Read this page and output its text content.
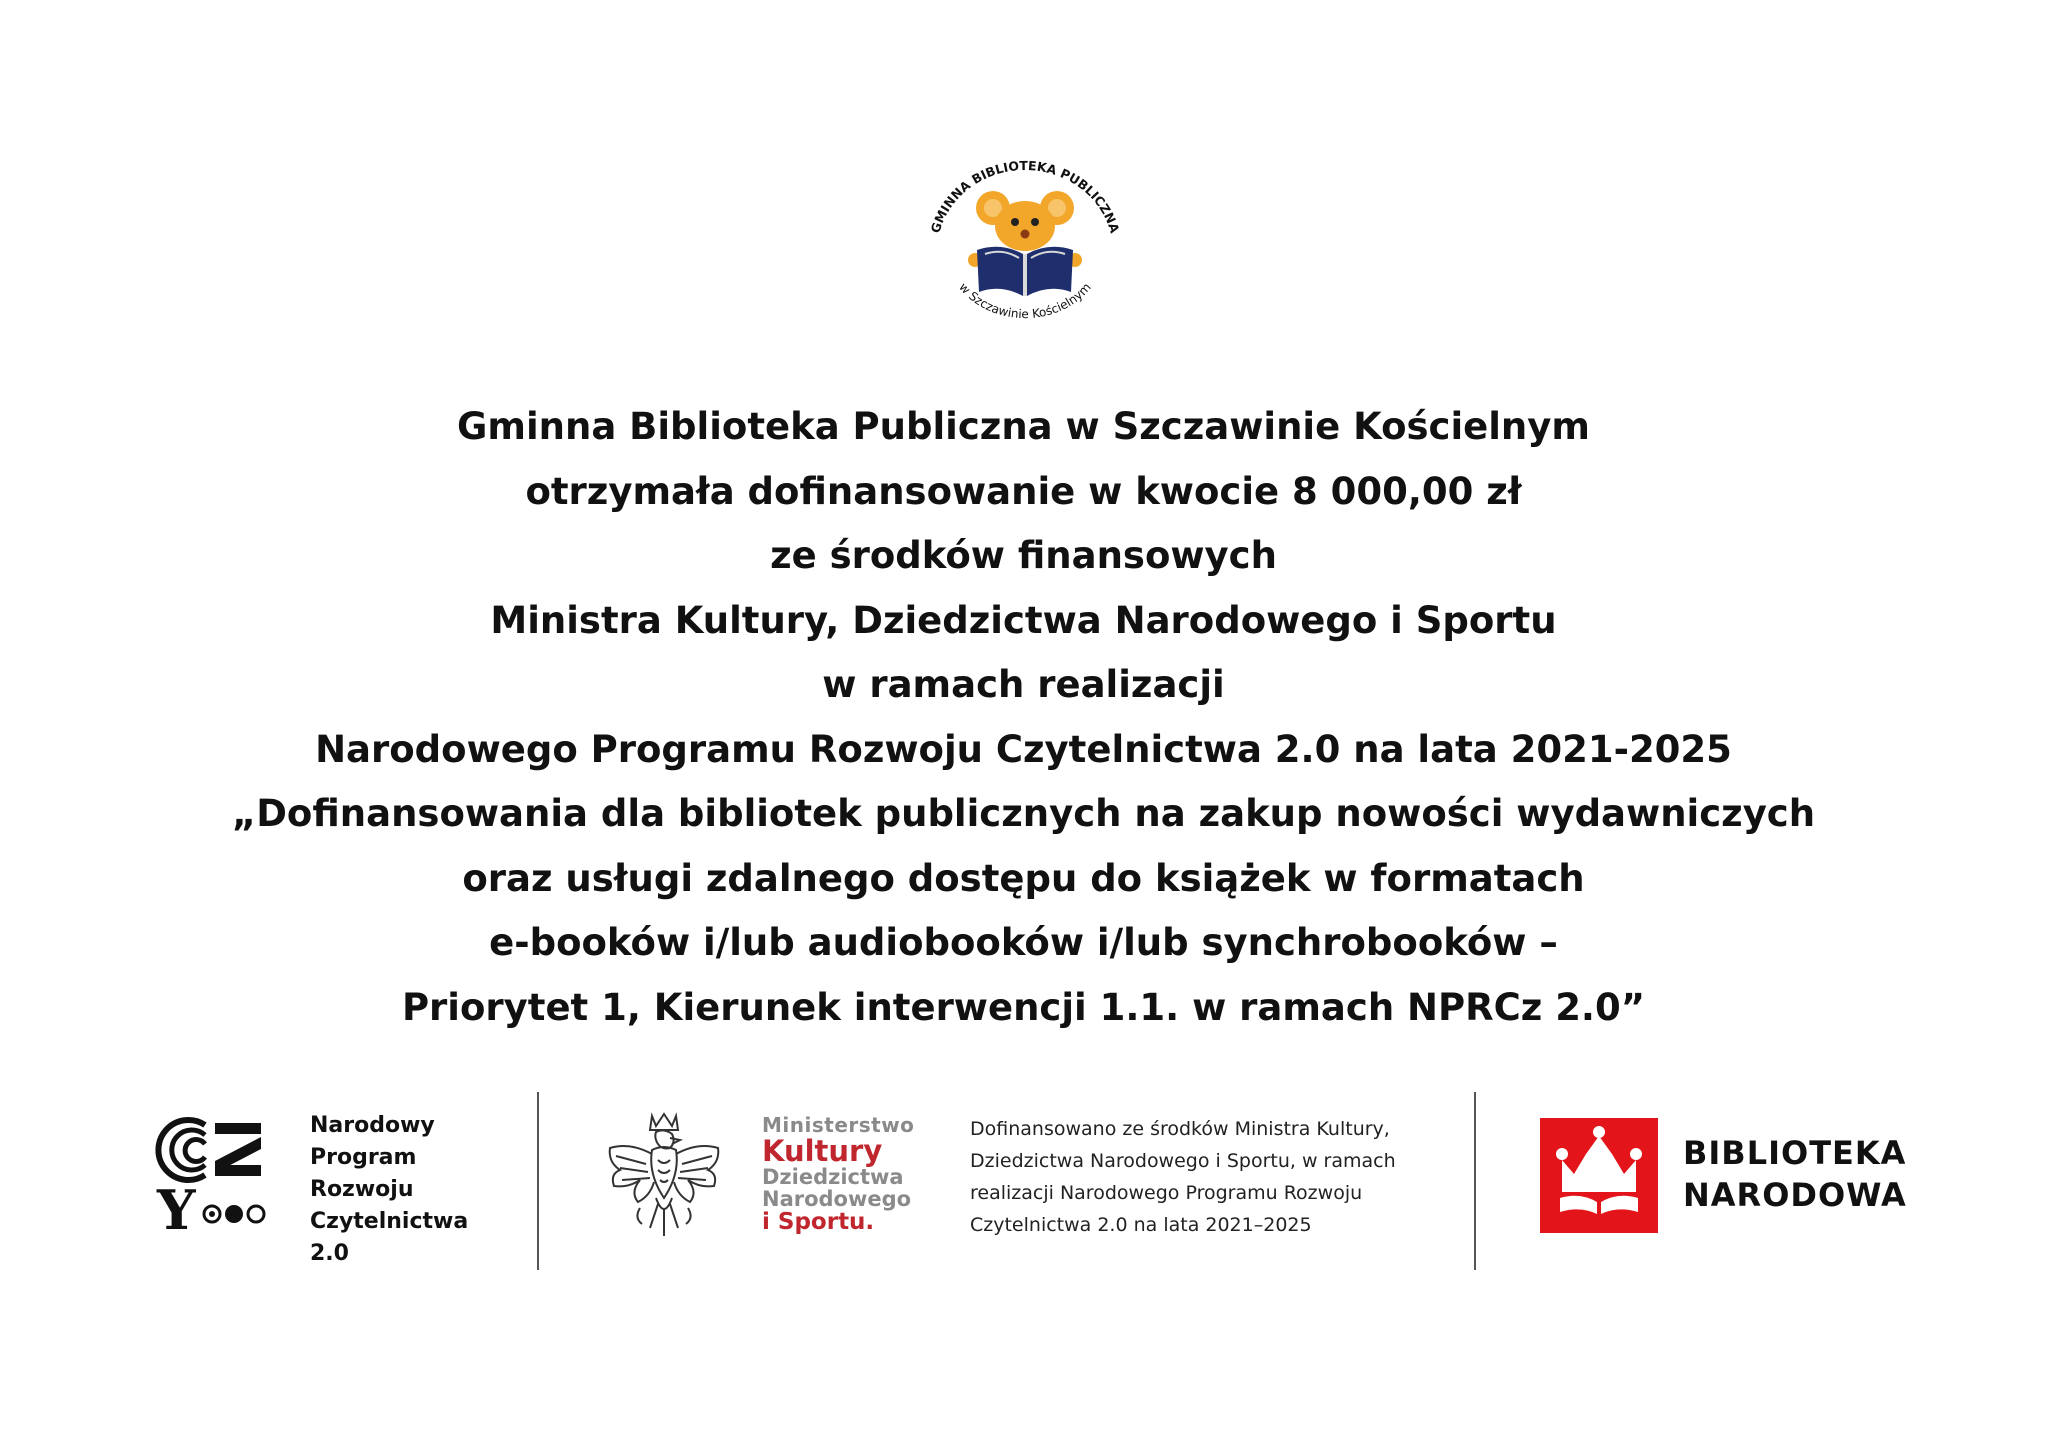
GMINNA BIBLIOTEKA PUBLICZNA
w Szczawinie Kościelnym
Gminna Biblioteka Publiczna w Szczawinie Kościelnym
otrzymała dofinansowanie w kwocie 8 000,00 zł
ze środków finansowych
Ministra Kultury, Dziedzictwa Narodowego i Sportu
w ramach realizacji
Narodowego Programu Rozwoju Czytelnictwa 2.0 na lata 2021-2025
„Dofinansowania dla bibliotek publicznych na zakup nowości wydawniczych
oraz usługi zdalnego dostępu do książek w formatach
e-booków i/lub audiobooków i/lub synchrobooków –
Priorytet 1, Kierunek interwencji 1.1. w ramach NPRCz 2.0”
Y
Narodowy
Program
Rozwoju
Czytelnictwa
2.0
Ministerstwo
Kultury
Dziedzictwa
Narodowego
i Sportu.
Dofinansowano ze środków Ministra Kultury,
Dziedzictwa Narodowego i Sportu, w ramach
realizacji Narodowego Programu Rozwoju
Czytelnictwa 2.0 na lata 2021–2025
BIBLIOTEKA
NARODOWA
